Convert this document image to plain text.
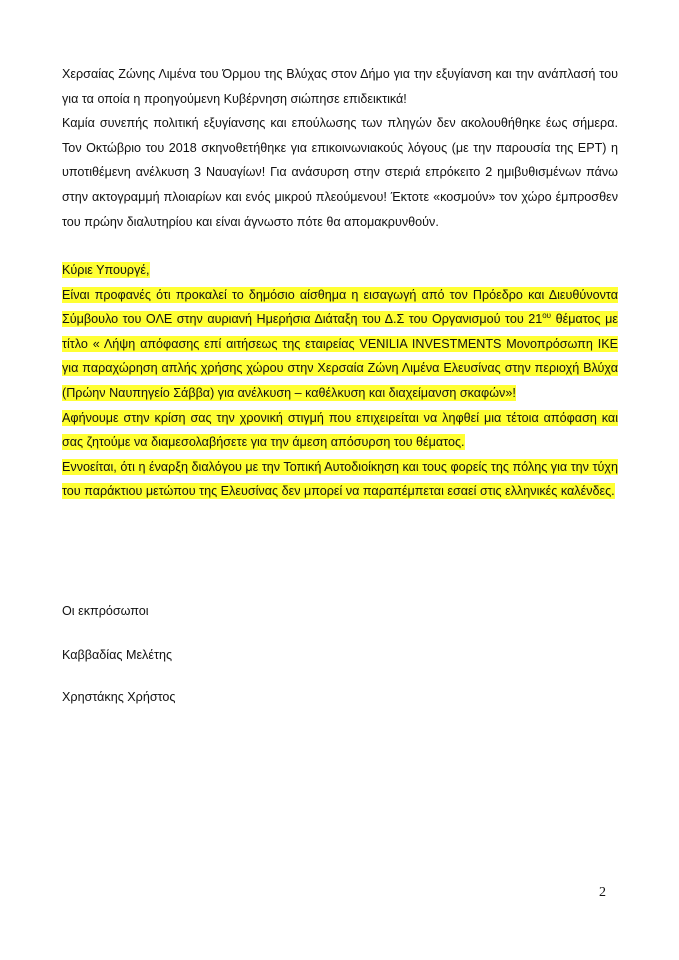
Χερσαίας Ζώνης Λιμένα του Όρμου της Βλύχας στον Δήμο για την εξυγίανση και την ανάπλασή του για τα οποία η προηγούμενη Κυβέρνηση σιώπησε επιδεικτικά!
Καμία συνεπής πολιτική εξυγίανσης και επούλωσης των πληγών δεν ακολουθήθηκε έως σήμερα. Τον Οκτώβριο του 2018 σκηνοθετήθηκε για επικοινωνιακούς λόγους (με την παρουσία της ΕΡΤ) η υποτιθέμενη ανέλκυση 3 Ναυαγίων! Για ανάσυρση στην στεριά επρόκειτο 2 ημιβυθισμένων πάνω στην ακτογραμμή πλοιαρίων και ενός μικρού πλεούμενου! Έκτοτε «κοσμούν» τον χώρο έμπροσθεν του πρώην διαλυτηρίου και είναι άγνωστο πότε θα απομακρυνθούν.
Κύριε Υπουργέ,
Είναι προφανές ότι προκαλεί το δημόσιο αίσθημα η εισαγωγή από τον Πρόεδρο και Διευθύνοντα Σύμβουλο του ΟΛΕ στην αυριανή Ημερήσια Διάταξη του Δ.Σ του Οργανισμού του $21^{o\upsilon}$ θέματος με τίτλο « Λήψη απόφασης επί αιτήσεως της εταιρείας VENILIA INVESTMENTS Μονοπρόσωπη ΙΚΕ για παραχώρηση απλής χρήσης χώρου στην Χερσαία Ζώνη Λιμένα Ελευσίνας στην περιοχή Βλύχα (Πρώην Ναυπηγείο Σάββα) για ανέλκυση – καθέλκυση και διαχείμανση σκαφών»!
Αφήνουμε στην κρίση σας την χρονική στιγμή που επιχειρείται να ληφθεί μια τέτοια απόφαση και σας ζητούμε να διαμεσολαβήσετε για την άμεση απόσυρση του θέματος.
Εννοείται, ότι η έναρξη διαλόγου με την Τοπική Αυτοδιοίκηση και τους φορείς της πόλης για την τύχη του παράκτιου μετώπου της Ελευσίνας δεν μπορεί να παραπέμπεται εσαεί στις ελληνικές καλένδες.
Οι εκπρόσωποι
Καββαδίας Μελέτης
Χρηστάκης Χρήστος
2
